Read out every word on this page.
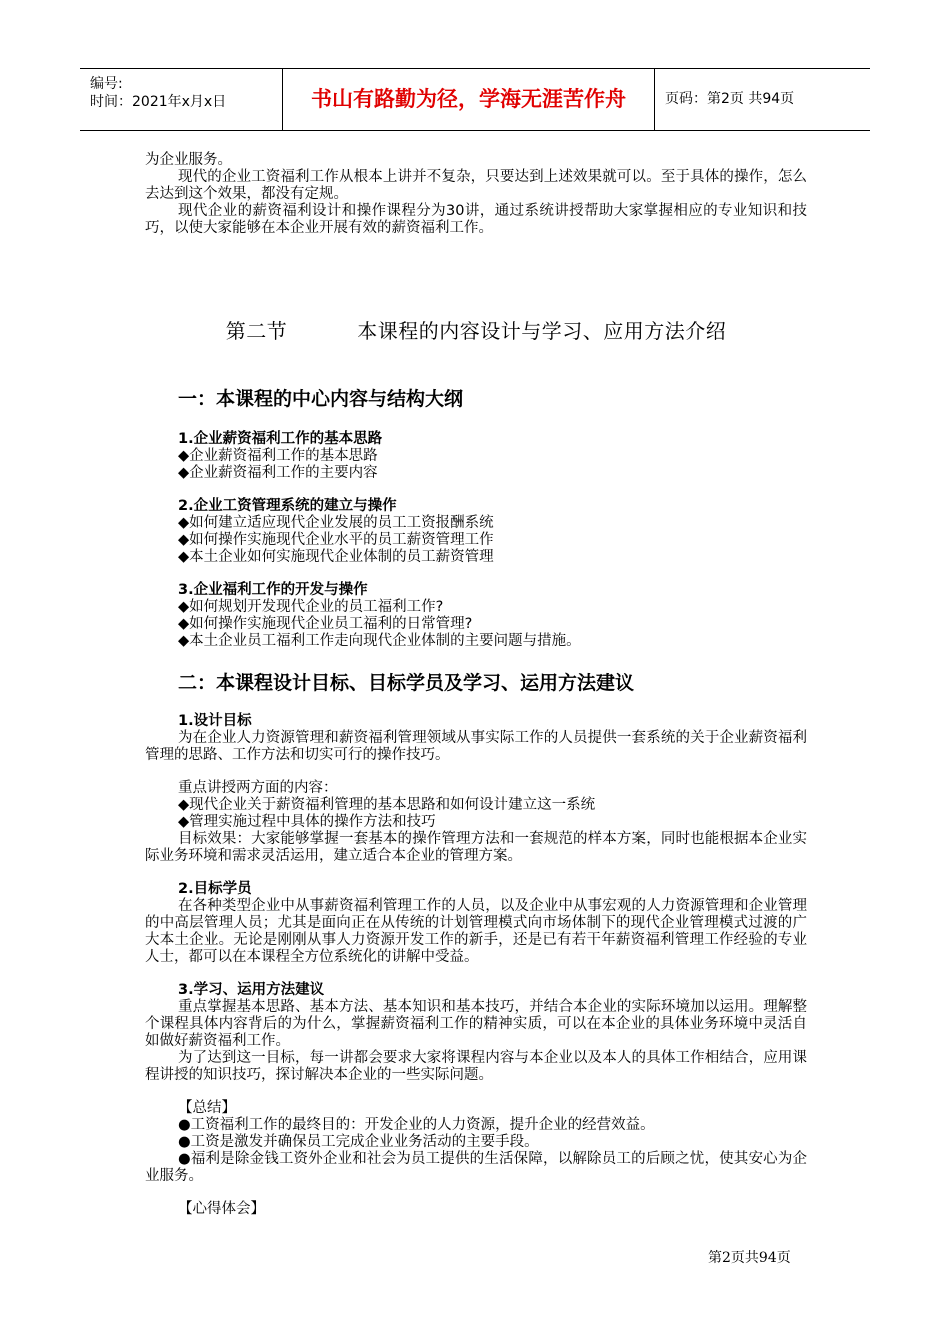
编号:
时间：2021年x月x日	书山有路勤为径，学海无涯苦作舟	页码：第2页 共94页

为企业服务。

现代的企业工资福利工作从根本上讲并不复杂，只要达到上述效果就可以。至于具体的操作，怎么去达到这个效果，都没有定规。

现代企业的薪资福利设计和操作课程分为30讲，通过系统讲授帮助大家掌握相应的专业知识和技巧，以使大家能够在本企业开展有效的薪资福利工作。

第二节	本课程的内容设计与学习、应用方法介绍

一：本课程的中心内容与结构大纲

1.企业薪资福利工作的基本思路

◆企业薪资福利工作的基本思路

◆企业薪资福利工作的主要内容

2.企业工资管理系统的建立与操作

◆如何建立适应现代企业发展的员工工资报酬系统

◆如何操作实施现代企业水平的员工薪资管理工作

◆本土企业如何实施现代企业体制的员工薪资管理

3.企业福利工作的开发与操作

◆如何规划开发现代企业的员工福利工作?

◆如何操作实施现代企业员工福利的日常管理?

◆本土企业员工福利工作走向现代企业体制的主要问题与措施。

二：本课程设计目标、目标学员及学习、运用方法建议

1.设计目标

为在企业人力资源管理和薪资福利管理领域从事实际工作的人员提供一套系统的关于企业薪资福利管理的思路、工作方法和切实可行的操作技巧。

重点讲授两方面的内容：

◆现代企业关于薪资福利管理的基本思路和如何设计建立这一系统

◆管理实施过程中具体的操作方法和技巧

目标效果：大家能够掌握一套基本的操作管理方法和一套规范的样本方案，同时也能根据本企业实际业务环境和需求灵活运用，建立适合本企业的管理方案。

2.目标学员

在各种类型企业中从事薪资福利管理工作的人员，以及企业中从事宏观的人力资源管理和企业管理的中高层管理人员；尤其是面向正在从传统的计划管理模式向市场体制下的现代企业管理模式过渡的广大本土企业。无论是刚刚从事人力资源开发工作的新手，还是已有若干年薪资福利管理工作经验的专业人士，都可以在本课程全方位系统化的讲解中受益。

3.学习、运用方法建议

重点掌握基本思路、基本方法、基本知识和基本技巧，并结合本企业的实际环境加以运用。理解整个课程具体内容背后的为什么，掌握薪资福利工作的精神实质，可以在本企业的具体业务环境中灵活自如做好薪资福利工作。

为了达到这一目标，每一讲都会要求大家将课程内容与本企业以及本人的具体工作相结合，应用课程讲授的知识技巧，探讨解决本企业的一些实际问题。

【总结】

●工资福利工作的最终目的：开发企业的人力资源，提升企业的经营效益。

●工资是激发并确保员工完成企业业务活动的主要手段。

●福利是除金钱工资外企业和社会为员工提供的生活保障，以解除员工的后顾之忧，使其安心为企业服务。

【心得体会】

第2页共94页
